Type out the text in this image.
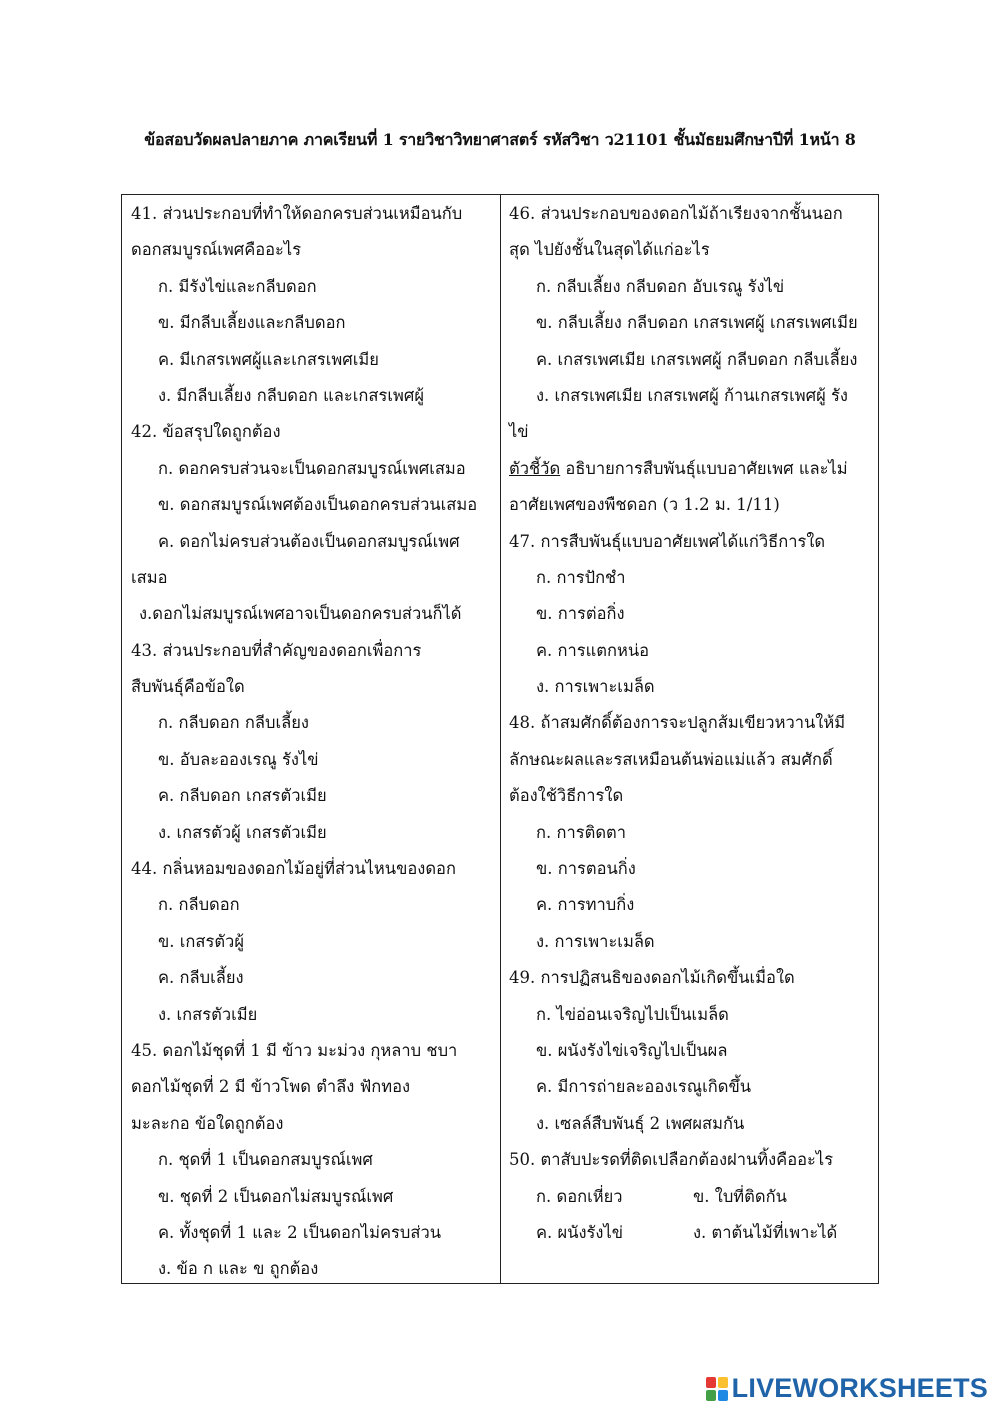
ข้อสอบวัดผลปลายภาค ภาคเรียนที่ 1 รายวิชาวิทยาศาสตร์ รหัสวิชา ว21101 ชั้นมัธยมศึกษาปีที่ 1หน้า 8
41. ส่วนประกอบที่ทำให้ดอกครบส่วนเหมือนกับ
ดอกสมบูรณ์เพศคืออะไร
ก. มีรังไข่และกลีบดอก
ข. มีกลีบเลี้ยงและกลีบดอก
ค. มีเกสรเพศผู้และเกสรเพศเมีย
ง. มีกลีบเลี้ยง กลีบดอก และเกสรเพศผู้
42. ข้อสรุปใดถูกต้อง
ก. ดอกครบส่วนจะเป็นดอกสมบูรณ์เพศเสมอ
ข. ดอกสมบูรณ์เพศต้องเป็นดอกครบส่วนเสมอ
ค. ดอกไม่ครบส่วนต้องเป็นดอกสมบูรณ์เพศ
เสมอ
ง.ดอกไม่สมบูรณ์เพศอาจเป็นดอกครบส่วนก็ได้
43. ส่วนประกอบที่สำคัญของดอกเพื่อการ
สืบพันธุ์คือข้อใด
ก. กลีบดอก กลีบเลี้ยง
ข. อับละอองเรณู รังไข่
ค. กลีบดอก เกสรตัวเมีย
ง. เกสรตัวผู้ เกสรตัวเมีย
44. กลิ่นหอมของดอกไม้อยู่ที่ส่วนไหนของดอก
ก. กลีบดอก
ข. เกสรตัวผู้
ค. กลีบเลี้ยง
ง. เกสรตัวเมีย
45. ดอกไม้ชุดที่ 1 มี ข้าว มะม่วง กุหลาบ ชบา
ดอกไม้ชุดที่ 2 มี ข้าวโพด ตำลึง ฟักทอง
มะละกอ ข้อใดถูกต้อง
ก. ชุดที่ 1 เป็นดอกสมบูรณ์เพศ
ข. ชุดที่ 2 เป็นดอกไม่สมบูรณ์เพศ
ค. ทั้งชุดที่ 1 และ 2 เป็นดอกไม่ครบส่วน
ง. ข้อ ก และ ข ถูกต้อง
46. ส่วนประกอบของดอกไม้ถ้าเรียงจากชั้นนอก
สุด ไปยังชั้นในสุดได้แก่อะไร
ก. กลีบเลี้ยง กลีบดอก อับเรณู รังไข่
ข. กลีบเลี้ยง กลีบดอก เกสรเพศผู้ เกสรเพศเมีย
ค. เกสรเพศเมีย เกสรเพศผู้ กลีบดอก กลีบเลี้ยง
ง. เกสรเพศเมีย เกสรเพศผู้ ก้านเกสรเพศผู้ รัง
ไข่
ตัวชี้วัด อธิบายการสืบพันธุ์แบบอาศัยเพศ และไม่
อาศัยเพศของพืชดอก (ว 1.2 ม. 1/11)
47. การสืบพันธุ์แบบอาศัยเพศได้แก่วิธีการใด
ก. การปักชำ
ข. การต่อกิ่ง
ค. การแตกหน่อ
ง. การเพาะเมล็ด
48. ถ้าสมศักดิ์ต้องการจะปลูกส้มเขียวหวานให้มี
ลักษณะผลและรสเหมือนต้นพ่อแม่แล้ว สมศักดิ์
ต้องใช้วิธีการใด
ก. การติดตา
ข. การตอนกิ่ง
ค. การทาบกิ่ง
ง. การเพาะเมล็ด
49. การปฏิสนธิของดอกไม้เกิดขึ้นเมื่อใด
ก. ไข่อ่อนเจริญไปเป็นเมล็ด
ข. ผนังรังไข่เจริญไปเป็นผล
ค. มีการถ่ายละอองเรณูเกิดขึ้น
ง. เซลล์สืบพันธุ์ 2 เพศผสมกัน
50. ตาสับปะรดที่ติดเปลือกต้องฝานทิ้งคืออะไร
ก. ดอกเหี่ยว	ข. ใบที่ติดกัน
ค. ผนังรังไข่	ง. ตาต้นไม้ที่เพาะได้
LIVEWORKSHEETS
